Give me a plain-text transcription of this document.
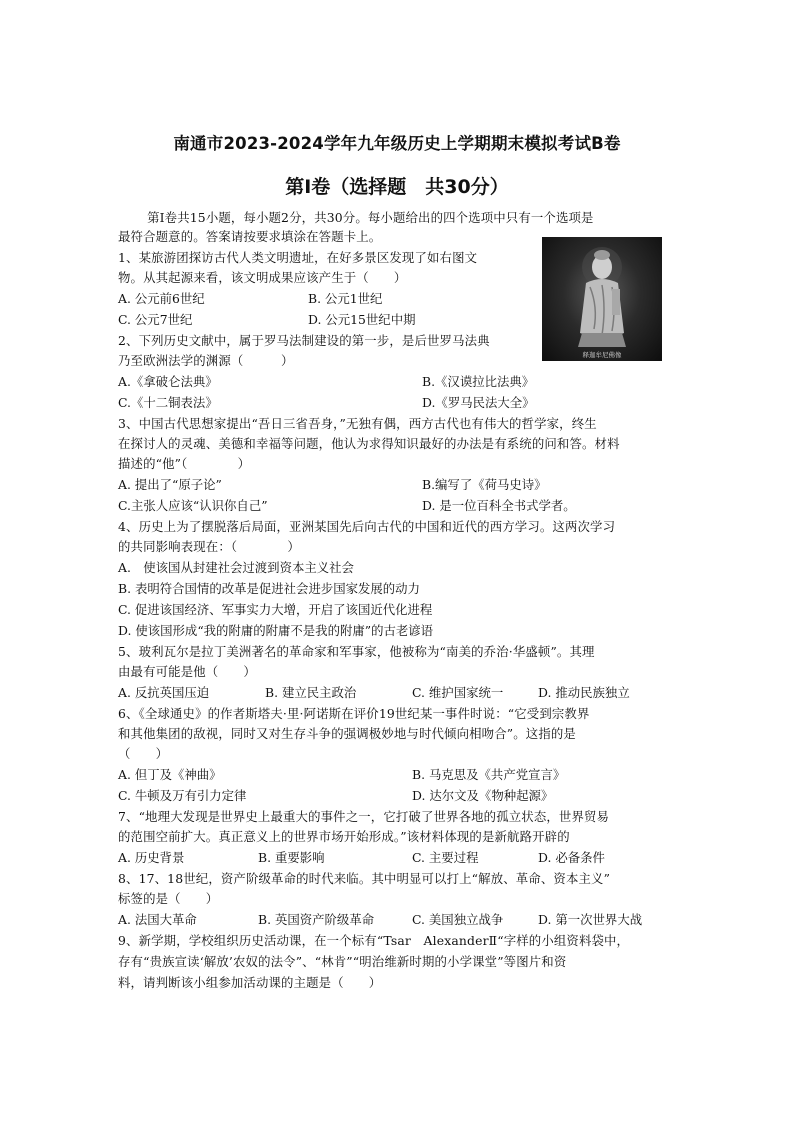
南通市2023-2024学年九年级历史上学期期末模拟考试B卷
第Ⅰ卷（选择题　共30分）
　　第Ⅰ卷共15小题，每小题2分，共30分。每小题给出的四个选项中只有一个选项是
最符合题意的。答案请按要求填涂在答题卡上。
释迦牟尼佛像
1、某旅游团探访古代人类文明遗址，在好多景区发现了如右图文
物。从其起源来看，该文明成果应该产生于（　　）
A. 公元前6世纪	B. 公元1世纪
C. 公元7世纪	D. 公元15世纪中期
2、下列历史文献中，属于罗马法制建设的第一步，是后世罗马法典
乃至欧洲法学的渊源（　　　）
A.《拿破仑法典》	B.《汉谟拉比法典》
C.《十二铜表法》	D.《罗马民法大全》
3、中国古代思想家提出“吾日三省吾身，”无独有偶，西方古代也有伟大的哲学家，终生
在探讨人的灵魂、美德和幸福等问题，他认为求得知识最好的办法是有系统的问和答。材料
描述的“他”（　　　　）
A. 提出了“原子论”	B.编写了《荷马史诗》
C.主张人应该“认识你自己”	D. 是一位百科全书式学者。
4、历史上为了摆脱落后局面，亚洲某国先后向古代的中国和近代的西方学习。这两次学习
的共同影响表现在：（　　　　）
A.　使该国从封建社会过渡到资本主义社会
B. 表明符合国情的改革是促进社会进步国家发展的动力
C. 促进该国经济、军事实力大增，开启了该国近代化进程
D. 使该国形成“我的附庸的附庸不是我的附庸”的古老谚语
5、玻利瓦尔是拉丁美洲著名的革命家和军事家，他被称为“南美的乔治·华盛顿”。其理
由最有可能是他（　　）
A. 反抗英国压迫	B. 建立民主政治	C. 维护国家统一	D. 推动民族独立
6、《全球通史》的作者斯塔夫·里·阿诺斯在评价19世纪某一事件时说：“它受到宗教界
和其他集团的敌视，同时又对生存斗争的强调极妙地与时代倾向相吻合”。这指的是
（　　）
A. 但丁及《神曲》	B. 马克思及《共产党宣言》
C. 牛顿及万有引力定律	D. 达尔文及《物种起源》
7、“地理大发现是世界史上最重大的事件之一，它打破了世界各地的孤立状态，世界贸易
的范围空前扩大。真正意义上的世界市场开始形成。”该材料体现的是新航路开辟的
A. 历史背景	B. 重要影响	C. 主要过程	D. 必备条件
8、17、18世纪，资产阶级革命的时代来临。其中明显可以打上“解放、革命、资本主义”
标签的是（　　）
A. 法国大革命	B. 英国资产阶级革命	C. 美国独立战争	D. 第一次世界大战
9、新学期，学校组织历史活动课，在一个标有“Tsar　AlexanderⅡ“字样的小组资料袋中，
存有“贵族宣读‘解放’农奴的法令”、“林肯”“明治维新时期的小学课堂”等图片和资
料，请判断该小组参加活动课的主题是（　　）
